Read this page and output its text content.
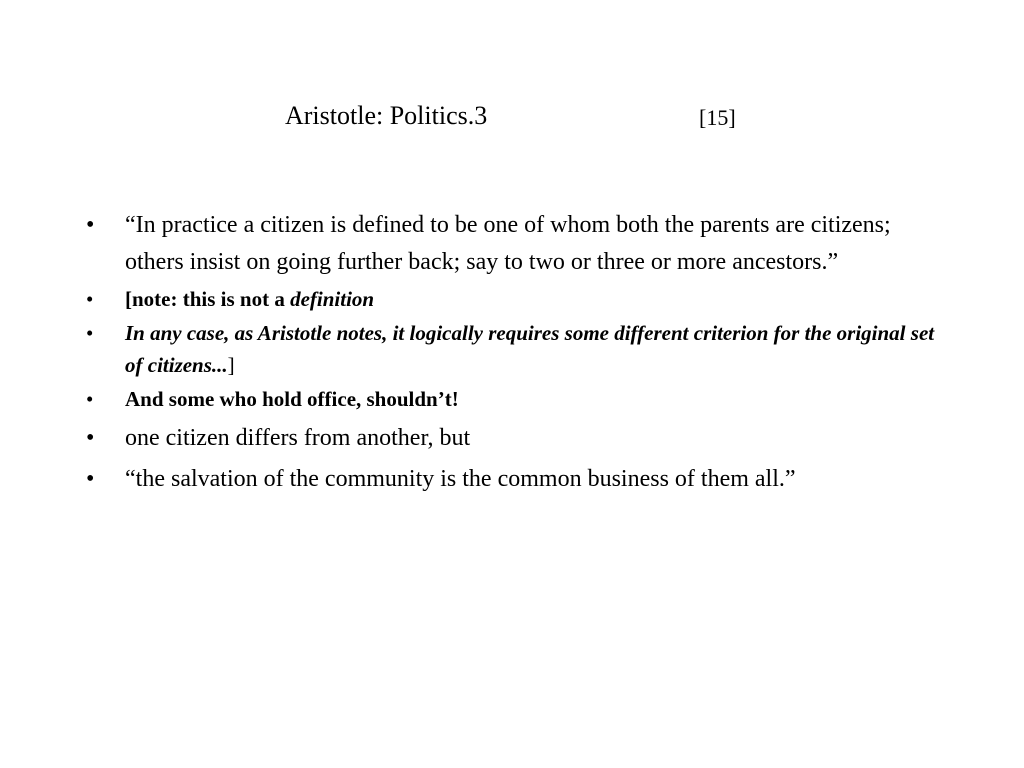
Aristotle: Politics.3	[15]
• “In practice a citizen is defined to be one of whom both the parents are citizens; others insist on going further back; say to two or three or more ancestors.”
• [note: this is not a definition
• In any case, as Aristotle notes, it logically requires some different criterion for the original set of citizens...]
• And some who hold office, shouldn’t!
• one citizen differs from another, but
• “the salvation of the community is the common business of them all.”
